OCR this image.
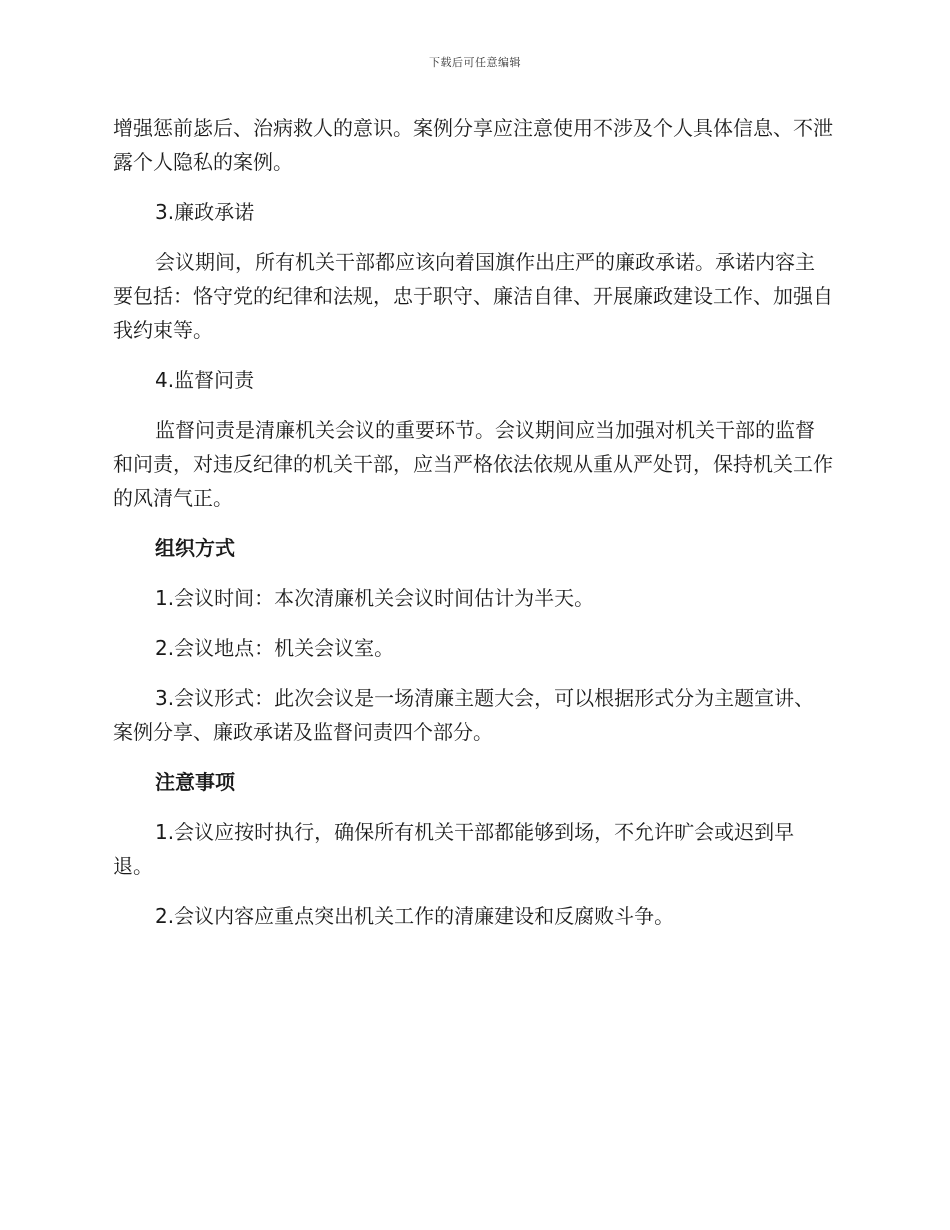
下载后可任意编辑

增强惩前毖后、治病救人的意识。案例分享应注意使用不涉及个人具体信息、不泄露个人隐私的案例。

3.廉政承诺

会议期间，所有机关干部都应该向着国旗作出庄严的廉政承诺。承诺内容主要包括：恪守党的纪律和法规，忠于职守、廉洁自律、开展廉政建设工作、加强自我约束等。

4.监督问责

监督问责是清廉机关会议的重要环节。会议期间应当加强对机关干部的监督和问责，对违反纪律的机关干部，应当严格依法依规从重从严处罚，保持机关工作的风清气正。

组织方式

1.会议时间：本次清廉机关会议时间估计为半天。

2.会议地点：机关会议室。

3.会议形式：此次会议是一场清廉主题大会，可以根据形式分为主题宣讲、案例分享、廉政承诺及监督问责四个部分。

注意事项

1.会议应按时执行，确保所有机关干部都能够到场，不允许旷会或迟到早退。

2.会议内容应重点突出机关工作的清廉建设和反腐败斗争。
